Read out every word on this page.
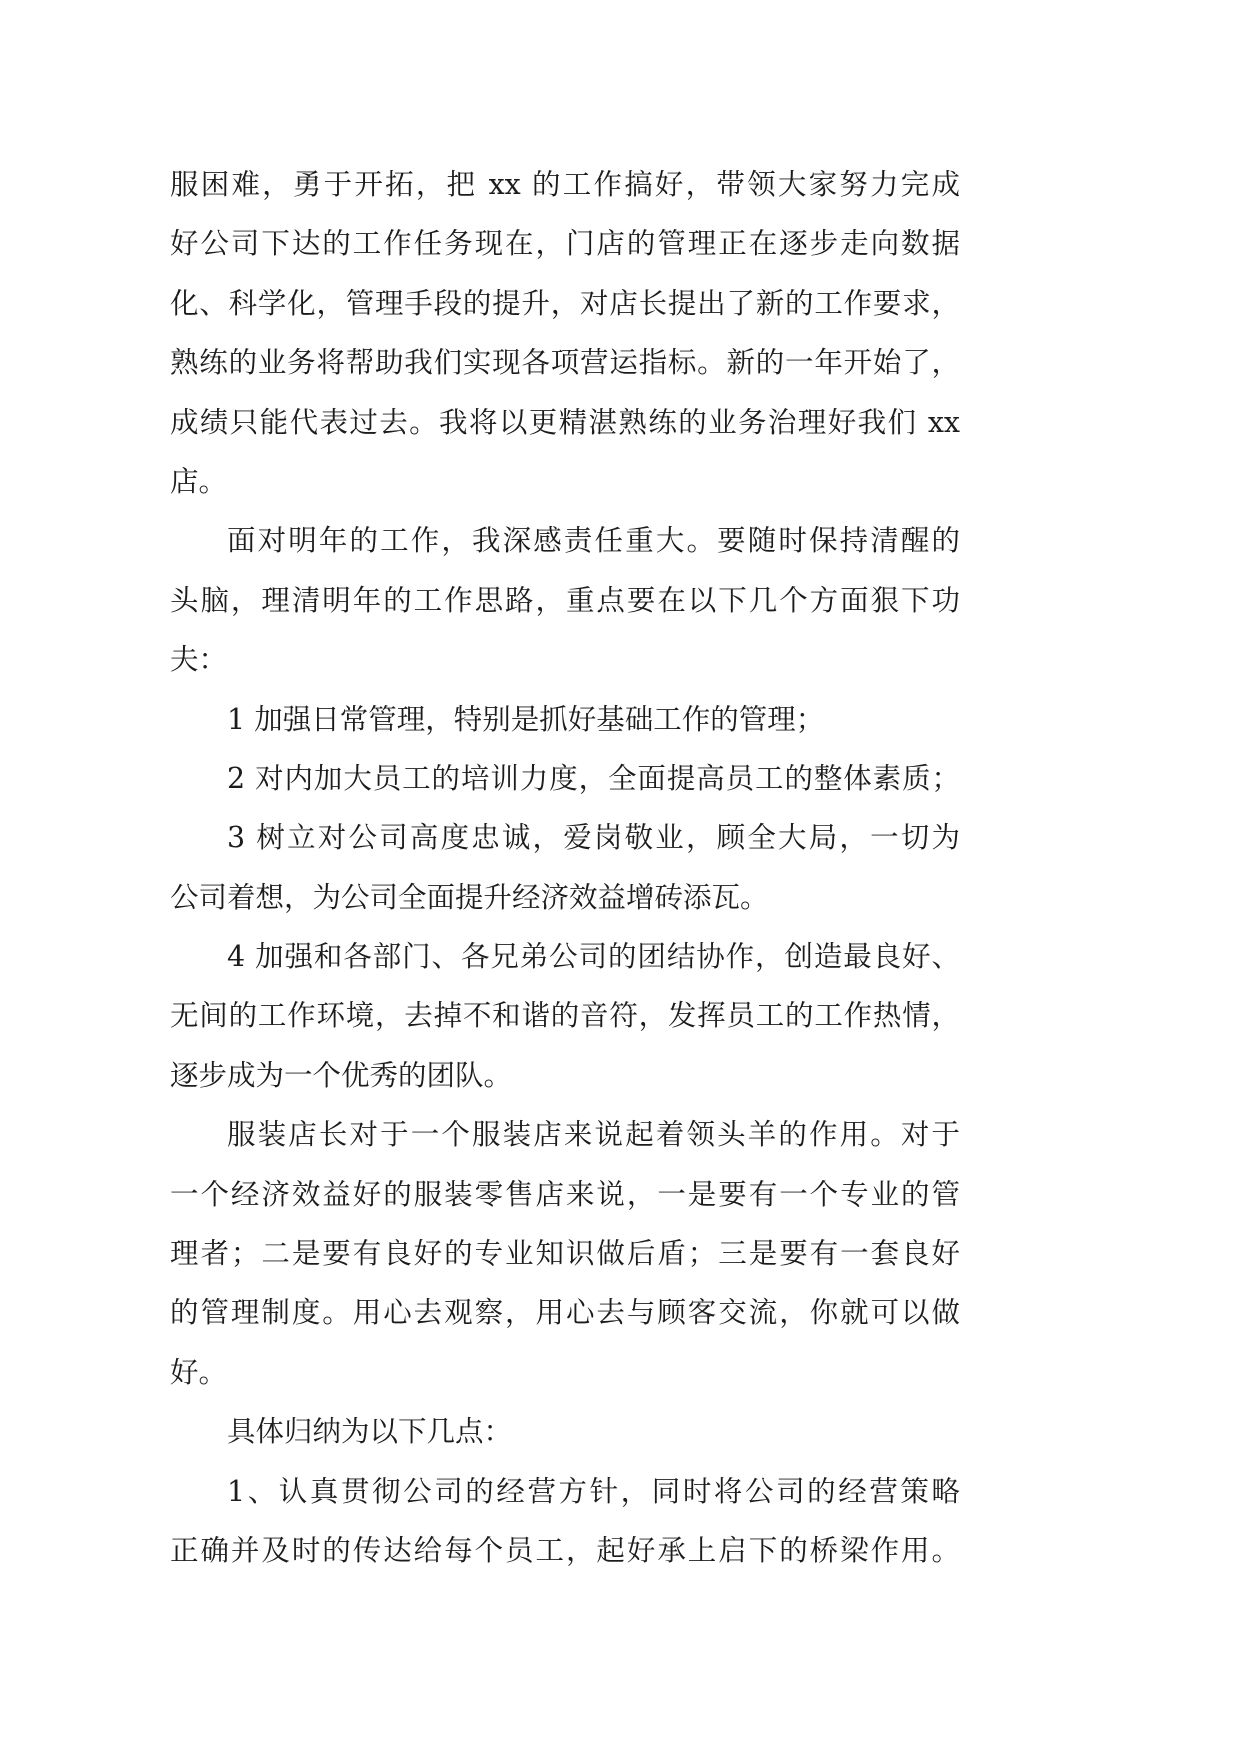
服困难，勇于开拓，把 xx 的工作搞好，带领大家努力完成
好公司下达的工作任务现在，门店的管理正在逐步走向数据
化、科学化，管理手段的提升，对店长提出了新的工作要求，
熟练的业务将帮助我们实现各项营运指标。新的一年开始了，
成绩只能代表过去。我将以更精湛熟练的业务治理好我们 xx
店。
面对明年的工作，我深感责任重大。要随时保持清醒的
头脑，理清明年的工作思路，重点要在以下几个方面狠下功
夫：
1 加强日常管理，特别是抓好基础工作的管理；
2 对内加大员工的培训力度，全面提高员工的整体素质；
3 树立对公司高度忠诚，爱岗敬业，顾全大局，一切为
公司着想，为公司全面提升经济效益增砖添瓦。
4 加强和各部门、各兄弟公司的团结协作，创造最良好、
无间的工作环境，去掉不和谐的音符，发挥员工的工作热情，
逐步成为一个优秀的团队。
服装店长对于一个服装店来说起着领头羊的作用。对于
一个经济效益好的服装零售店来说，一是要有一个专业的管
理者；二是要有良好的专业知识做后盾；三是要有一套良好
的管理制度。用心去观察，用心去与顾客交流，你就可以做
好。
具体归纳为以下几点：
1、认真贯彻公司的经营方针，同时将公司的经营策略
正确并及时的传达给每个员工，起好承上启下的桥梁作用。
